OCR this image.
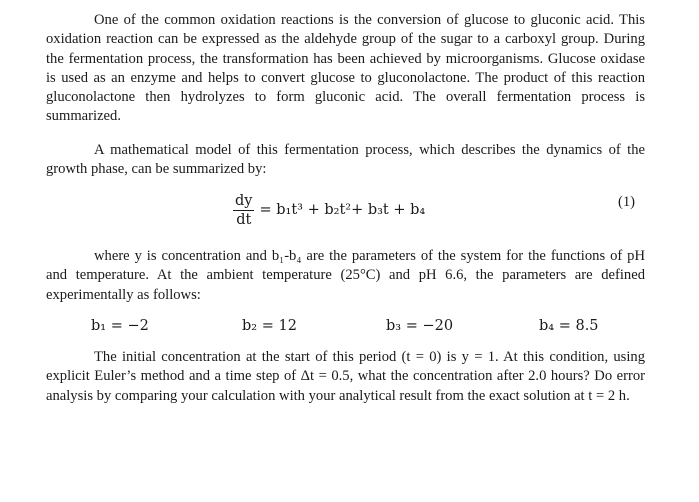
One of the common oxidation reactions is the conversion of glucose to gluconic acid. This oxidation reaction can be expressed as the aldehyde group of the sugar to a carboxyl group. During the fermentation process, the transformation has been achieved by microorganisms. Glucose oxidase is used as an enzyme and helps to convert glucose to gluconolactone. The product of this reaction gluconolactone then hydrolyzes to form gluconic acid. The overall fermentation process is summarized.

A mathematical model of this fermentation process, which describes the dynamics of the growth phase, can be summarized by:

$\frac{dy}{dt} = b_1t^3 + b_2t^2+ b_3t + b_4$	(1)

where y is concentration and b₁-b₄ are the parameters of the system for the functions of pH and temperature. At the ambient temperature (25°C) and pH 6.6, the parameters are defined experimentally as follows:

b₁ = −2	b₂ = 12	b₃ = −20	b₄ = 8.5

The initial concentration at the start of this period (t = 0) is y = 1. At this condition, using explicit Euler’s method and a time step of Δt = 0.5, what the concentration after 2.0 hours? Do error analysis by comparing your calculation with your analytical result from the exact solution at t = 2 h.
